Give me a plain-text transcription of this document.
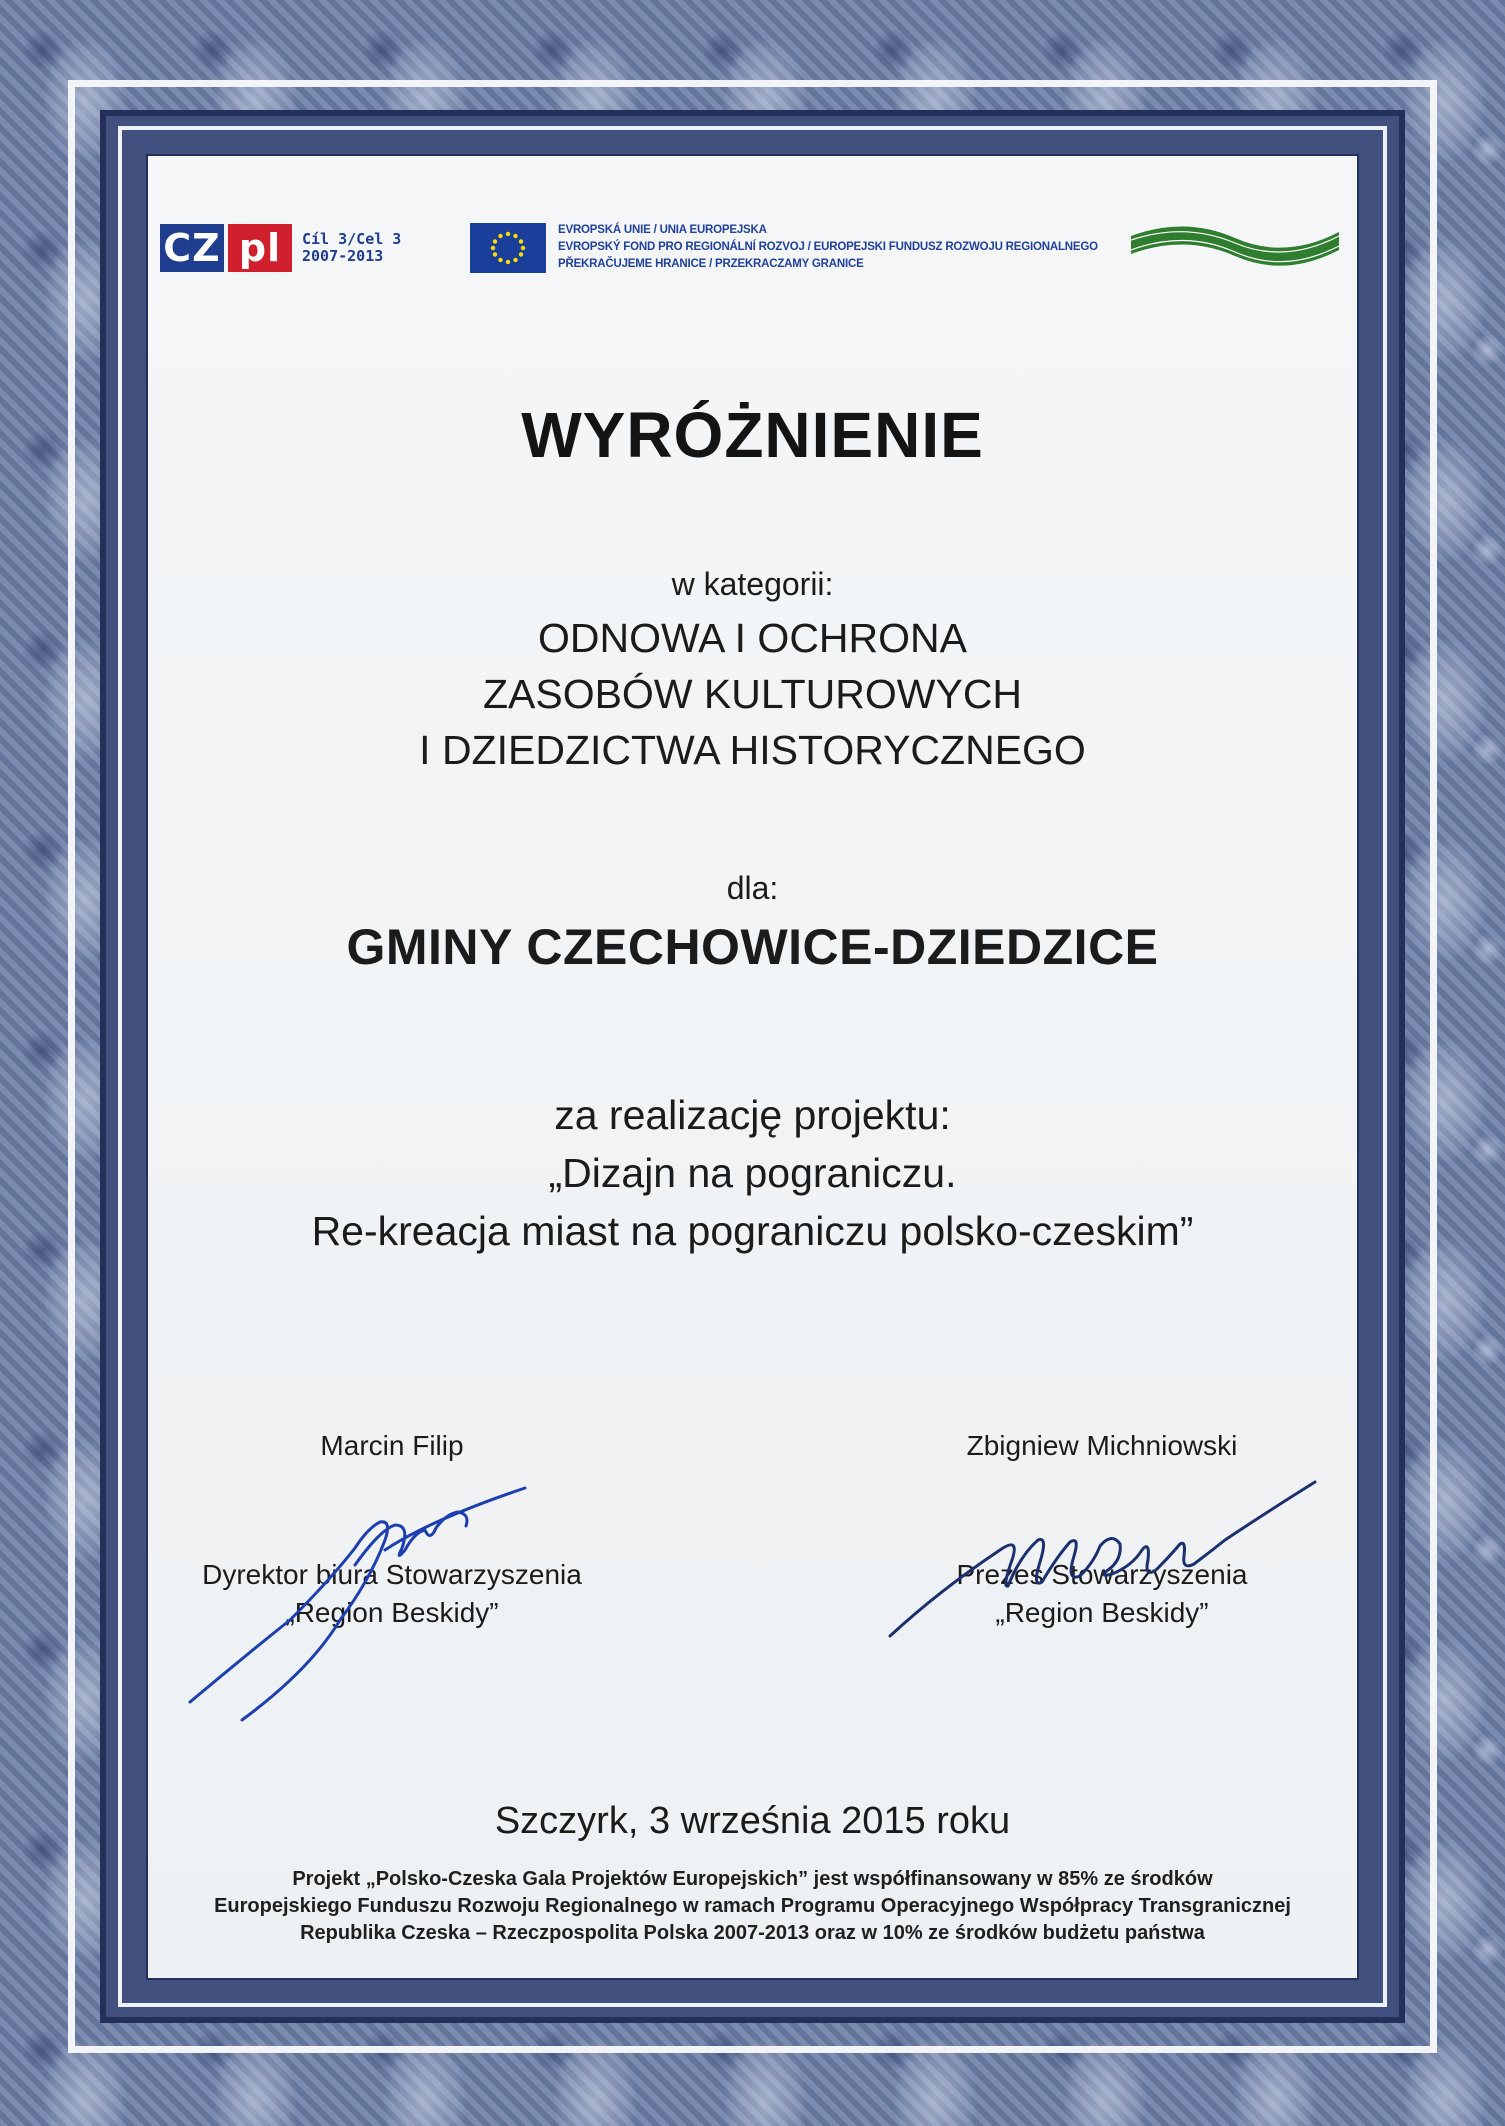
CZ pl	Cíl 3/Cel 3
2007-2013
EVROPSKÁ UNIE / UNIA EUROPEJSKA
EVROPSKÝ FOND PRO REGIONÁLNÍ ROZVOJ / EUROPEJSKI FUNDUSZ ROZWOJU REGIONALNEGO
PŘEKRAČUJEME HRANICE / PRZEKRACZAMY GRANICE
WYRÓŻNIENIE
w kategorii:
ODNOWA I OCHRONA
ZASOBÓW KULTUROWYCH
I DZIEDZICTWA HISTORYCZNEGO
dla:
GMINY CZECHOWICE-DZIEDZICE
za realizację projektu:
„Dizajn na pograniczu.
Re-kreacja miast na pograniczu polsko-czeskim”
Marcin Filip
Dyrektor biura Stowarzyszenia
„Region Beskidy”
Zbigniew Michniowski
Prezes Stowarzyszenia
„Region Beskidy”
Szczyrk, 3 września 2015 roku
Projekt „Polsko-Czeska Gala Projektów Europejskich” jest współfinansowany w 85% ze środków
Europejskiego Funduszu Rozwoju Regionalnego w ramach Programu Operacyjnego Współpracy Transgranicznej
Republika Czeska – Rzeczpospolita Polska 2007-2013 oraz w 10% ze środków budżetu państwa
